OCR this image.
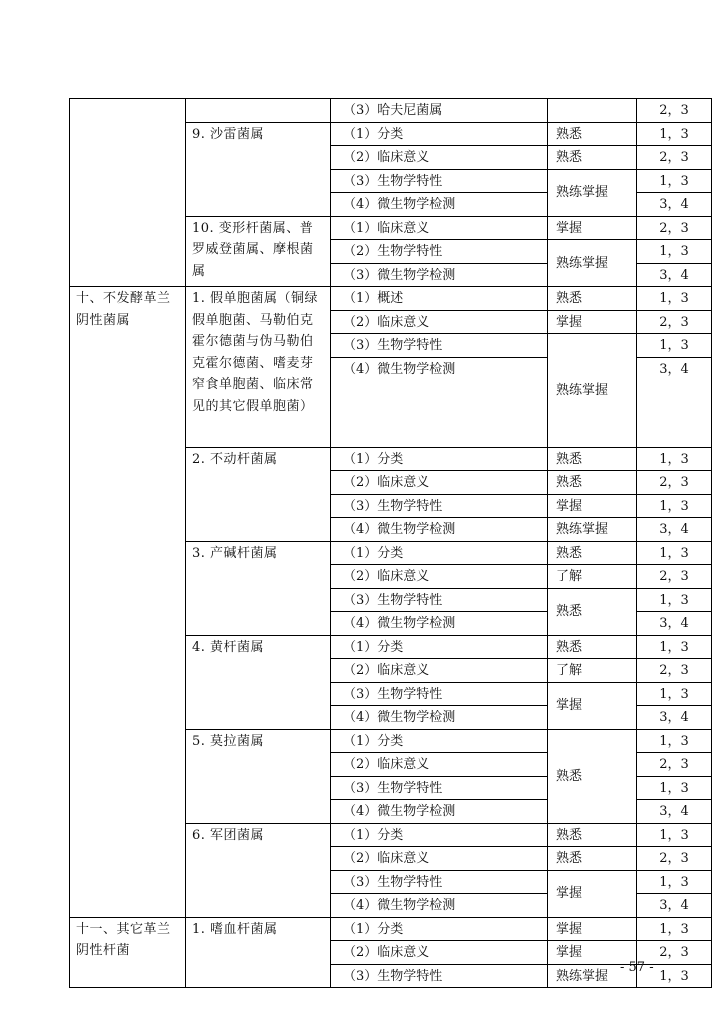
		（3）哈夫尼菌属		2，3
	9. 沙雷菌属	（1）分类	熟悉	1，3
		（2）临床意义	熟悉	2，3
		（3）生物学特性	熟练掌握	1，3
		（4）微生物学检测		3，4
	10. 变形杆菌属、普罗威登菌属、摩根菌属	（1）临床意义	掌握	2，3
		（2）生物学特性	熟练掌握	1，3
		（3）微生物学检测		3，4
十、不发酵革兰阴性菌属	1. 假单胞菌属（铜绿假单胞菌、马勒伯克霍尔德菌与伪马勒伯克霍尔德菌、嗜麦芽窄食单胞菌、临床常见的其它假单胞菌）	（1）概述	熟悉	1，3
		（2）临床意义	掌握	2，3
		（3）生物学特性	熟练掌握	1，3
		（4）微生物学检测		3，4
	2. 不动杆菌属	（1）分类	熟悉	1，3
		（2）临床意义	熟悉	2，3
		（3）生物学特性	掌握	1，3
		（4）微生物学检测	熟练掌握	3，4
	3. 产碱杆菌属	（1）分类	熟悉	1，3
		（2）临床意义	了解	2，3
		（3）生物学特性	熟悉	1，3
		（4）微生物学检测		3，4
	4. 黄杆菌属	（1）分类	熟悉	1，3
		（2）临床意义	了解	2，3
		（3）生物学特性	掌握	1，3
		（4）微生物学检测		3，4
	5. 莫拉菌属	（1）分类	熟悉	1，3
		（2）临床意义		2，3
		（3）生物学特性		1，3
		（4）微生物学检测		3，4
	6. 军团菌属	（1）分类	熟悉	1，3
		（2）临床意义	熟悉	2，3
		（3）生物学特性	掌握	1，3
		（4）微生物学检测		3，4
十一、其它革兰阴性杆菌	1. 嗜血杆菌属	（1）分类	掌握	1，3
		（2）临床意义	掌握	2，3
		（3）生物学特性	熟练掌握	1，3
- 57 -
